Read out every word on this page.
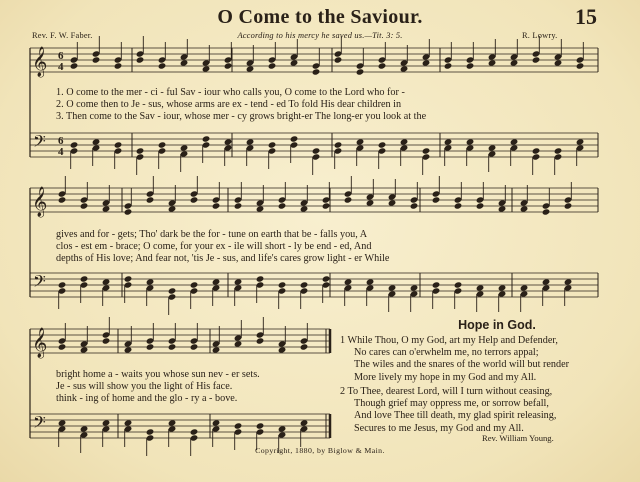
O Come to the Saviour.	15
Rev. F. W. Faber.	According to his mercy he saved us.—Tit. 3: 5.	R. Lowry.
𝄞
𝄢
6
6
4
4
𝄞
𝄢
𝄞
𝄢
1. O come to the mer - ci - ful Sav - iour who calls you, O come to the Lord who for -
2. O come then to Je - sus, whose arms are ex - tend - ed To fold His dear children in
3. Then come to the Sav - iour, whose mer - cy grows bright-er The long-er you look at the
gives and for - gets; Tho' dark be the for - tune on earth that be - falls you, A
clos - est em - brace; O come, for your ex - ile will short - ly be end - ed, And
depths of His love; And fear not, 'tis Je - sus, and life's cares grow light - er While
bright home a - waits you whose sun nev - er sets.
Je - sus will show you the light of His face.
think - ing of home and the glo - ry a - bove.
Hope in God.
1 While Thou, O my God, art my Help and Defender,
No cares can o'erwhelm me, no terrors appal;
The wiles and the snares of the world will but render
More lively my hope in my God and my All.
2 To Thee, dearest Lord, will I turn without ceasing,
Though grief may oppress me, or sorrow befall,
And love Thee till death, my glad spirit releasing,
Secures to me Jesus, my God and my All.
Rev. William Young.
Copyright, 1880, by Biglow & Main.
